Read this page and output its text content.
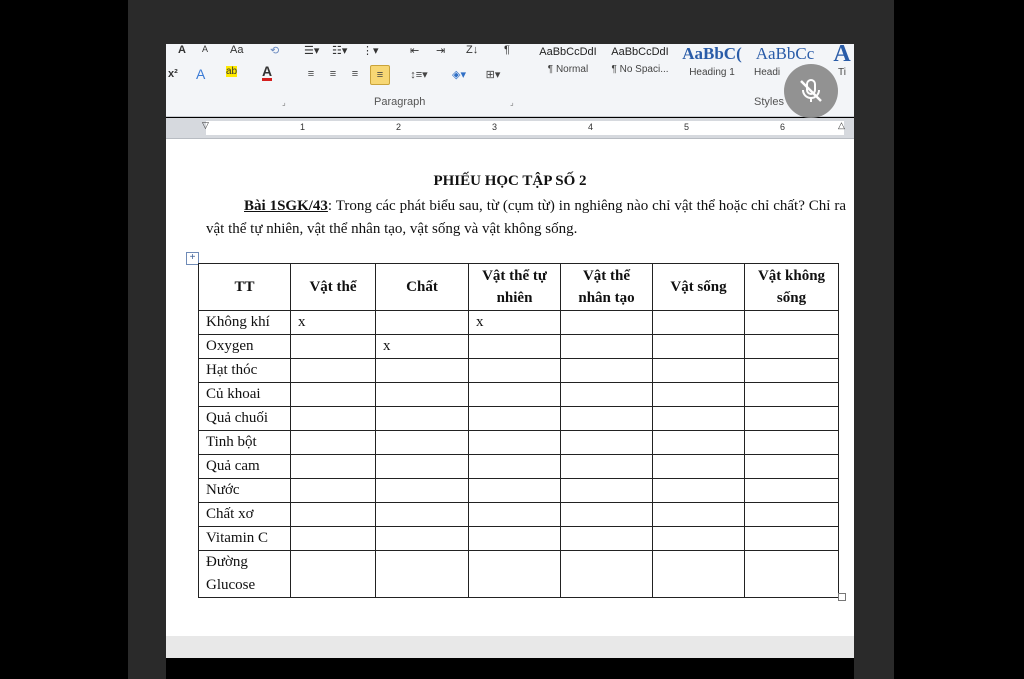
A A Aa ⟲
x² A ab A
☰▾ ☷▾ ⋮▾	⇤ ⇥ Z↓ ¶
≡	≡	≡	≡	↕≡▾	◈▾	⊞▾
Paragraph
⌟	⌟
AaBbCcDdI
¶ Normal
AaBbCcDdI
¶ No Spaci...
AaBbC(
Heading 1
AaBbCc
Headi
A
Ti
Styles
1	2	3	4	5	6
▽	△
PHIẾU HỌC TẬP SỐ 2
Bài 1SGK/43: Trong các phát biểu sau, từ (cụm từ) in nghiêng nào chỉ vật thể hoặc chỉ chất? Chỉ ra vật thể tự nhiên, vật thể nhân tạo, vật sống và vật không sống.
+
TT	Vật thể	Chất	Vật thể tự nhiên	Vật thể nhân tạo	Vật sống	Vật không sống
Không khí	x		x			
Oxygen		x				
Hạt thóc						
Củ khoai						
Quả chuối						
Tinh bột						
Quả cam						
Nước						
Chất xơ						
Vitamin C						
Đường Glucose						
